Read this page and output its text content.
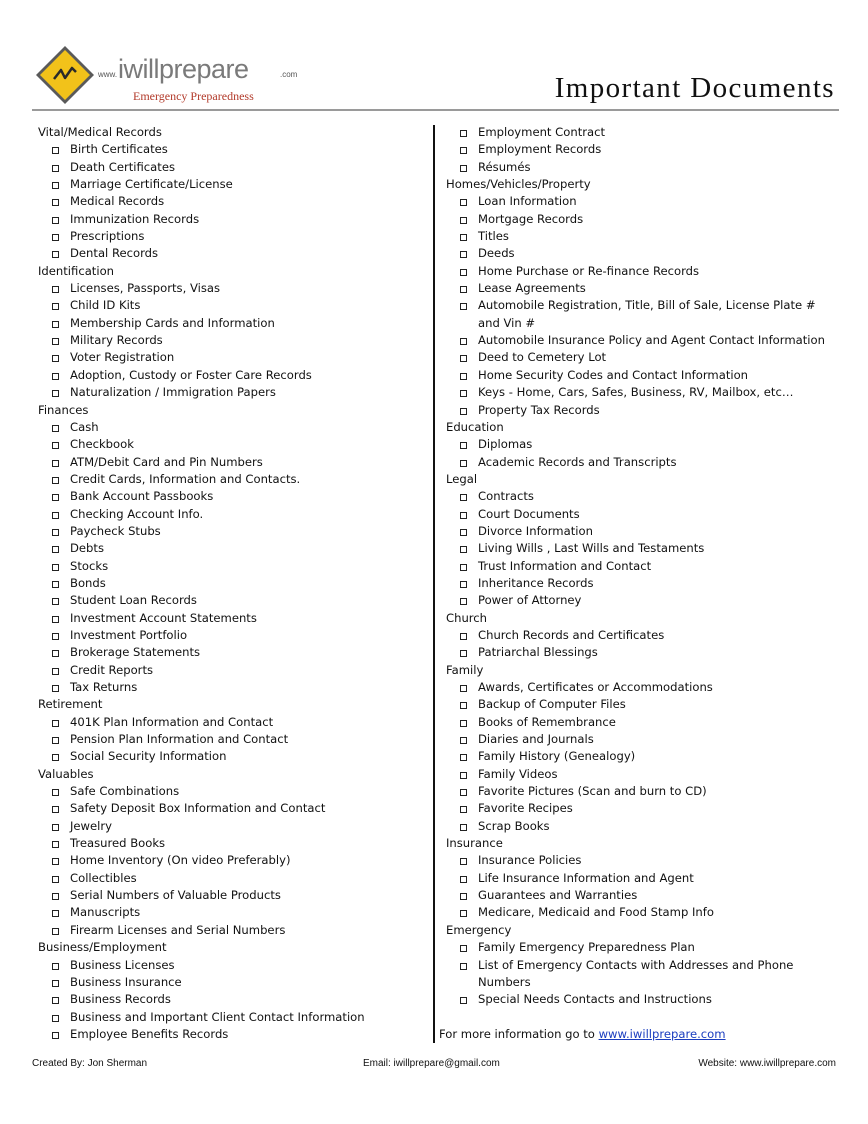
www. iwillprepare	.com
Emergency Preparedness	Important Documents
Vital/Medical Records
Birth Certificates
Death Certificates
Marriage Certificate/License
Medical Records
Immunization Records
Prescriptions
Dental Records
Identification
Licenses, Passports, Visas
Child ID Kits
Membership Cards and Information
Military Records
Voter Registration
Adoption, Custody or Foster Care Records
Naturalization / Immigration Papers
Finances
Cash
Checkbook
ATM/Debit Card and Pin Numbers
Credit Cards, Information and Contacts.
Bank Account Passbooks
Checking Account Info.
Paycheck Stubs
Debts
Stocks
Bonds
Student Loan Records
Investment Account Statements
Investment Portfolio
Brokerage Statements
Credit Reports
Tax Returns
Retirement
401K Plan Information and Contact
Pension Plan Information and Contact
Social Security Information
Valuables
Safe Combinations
Safety Deposit Box Information and Contact
Jewelry
Treasured Books
Home Inventory (On video Preferably)
Collectibles
Serial Numbers of Valuable Products
Manuscripts
Firearm Licenses and Serial Numbers
Business/Employment
Business Licenses
Business Insurance
Business Records
Business and Important Client Contact Information
Employee Benefits Records
Employment Contract
Employment Records
Résumés
Homes/Vehicles/Property
Loan Information
Mortgage Records
Titles
Deeds
Home Purchase or Re-finance Records
Lease Agreements
Automobile Registration, Title, Bill of Sale, License Plate # and Vin #
Automobile Insurance Policy and Agent Contact Information
Deed to Cemetery Lot
Home Security Codes and Contact Information
Keys - Home, Cars, Safes, Business, RV, Mailbox, etc…
Property Tax Records
Education
Diplomas
Academic Records and Transcripts
Legal
Contracts
Court Documents
Divorce Information
Living Wills , Last Wills and Testaments
Trust Information and Contact
Inheritance Records
Power of Attorney
Church
Church Records and Certificates
Patriarchal Blessings
Family
Awards, Certificates or Accommodations
Backup of Computer Files
Books of Remembrance
Diaries and Journals
Family History (Genealogy)
Family Videos
Favorite Pictures (Scan and burn to CD)
Favorite Recipes
Scrap Books
Insurance
Insurance Policies
Life Insurance Information and Agent
Guarantees and Warranties
Medicare, Medicaid and Food Stamp Info
Emergency
Family Emergency Preparedness Plan
List of Emergency Contacts with Addresses and Phone Numbers
Special Needs Contacts and Instructions
For more information go to www.iwillprepare.com
Created By: Jon Sherman	Email: iwillprepare@gmail.com	Website: www.iwillprepare.com
